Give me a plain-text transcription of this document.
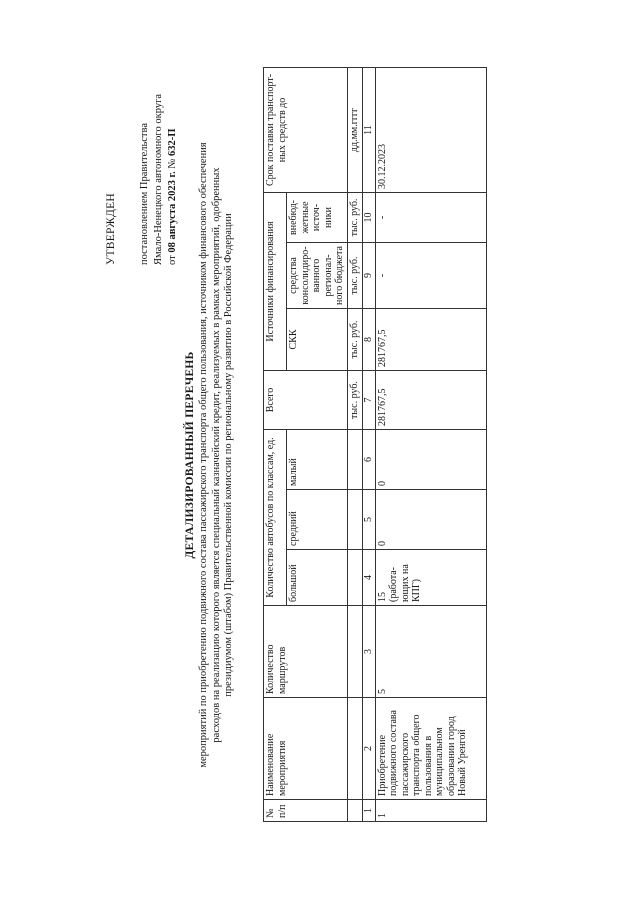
УТВЕРЖДЕН постановлением Правительства Ямало-Ненецкого автономного округа от 08 августа 2023 г. № 632-П
ДЕТАЛИЗИРОВАННЫЙ ПЕРЕЧЕНЬ мероприятий по приобретению подвижного состава пассажирского транспорта общего пользования, источником финансового обеспечения расходов на реализацию которого является специальный казначейский кредит, реализуемых в рамках мероприятий, одобренных президиумом (штабом) Правительственной комиссии по региональному развитию в Российской Федерации
№ п/п	Наименование мероприятия	Количество маршрутов	Количество автобусов по классам, ед.			Всего	Источники финансирования			Срок поставки транспорт-ных средств до
			большой	средний	малый		СКК	средства консолидиро-ванного регионал-ного бюджета	внебюд-жетные источ-ники	
						тыс. руб.	тыс. руб.	тыс. руб.	тыс. руб.	дд.мм.гггг
1	2	3	4	5	6	7	8	9	10	11
1	Приобретение подвижного состава пассажирского транспорта общего пользования в муниципальном образовании город Новый Уренгой	5	15 (работа-ющих на КПГ)	0	0	281767,5	281767,5	-	-	30.12.2023
